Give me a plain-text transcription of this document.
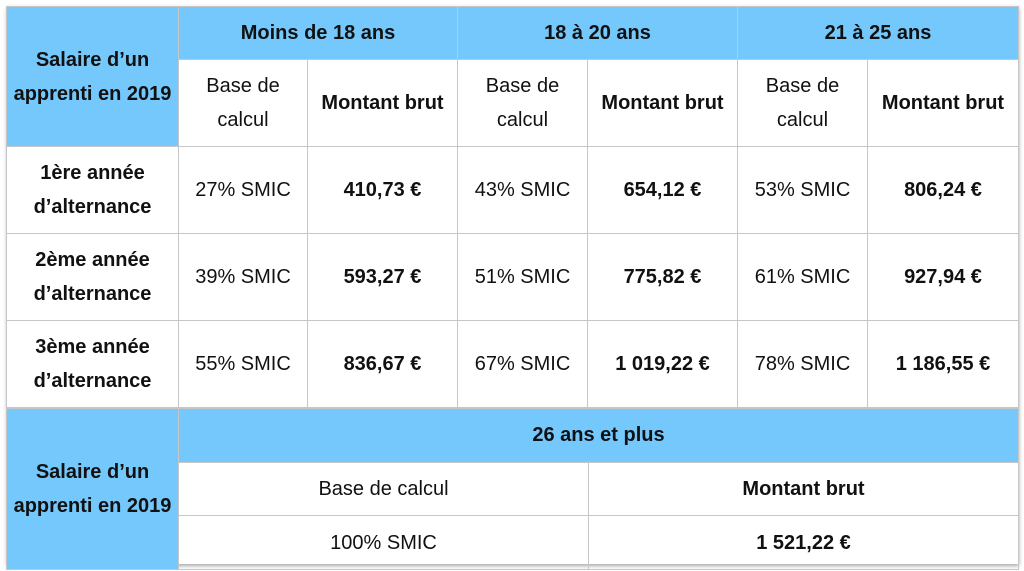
Salaire d’un apprenti en 2019	Moins de 18 ans		18 à 20 ans		21 à 25 ans	
	Base de calcul	Montant brut	Base de calcul	Montant brut	Base de calcul	Montant brut
1ère année d’alternance	27% SMIC	410,73 €	43% SMIC	654,12 €	53% SMIC	806,24 €
2ème année d’alternance	39% SMIC	593,27 €	51% SMIC	775,82 €	61% SMIC	927,94 €
3ème année d’alternance	55% SMIC	836,67 €	67% SMIC	1 019,22 €	78% SMIC	1 186,55 €
Salaire d’un apprenti en 2019	26 ans et plus	
	Base de calcul	Montant brut
	100% SMIC	1 521,22 €
